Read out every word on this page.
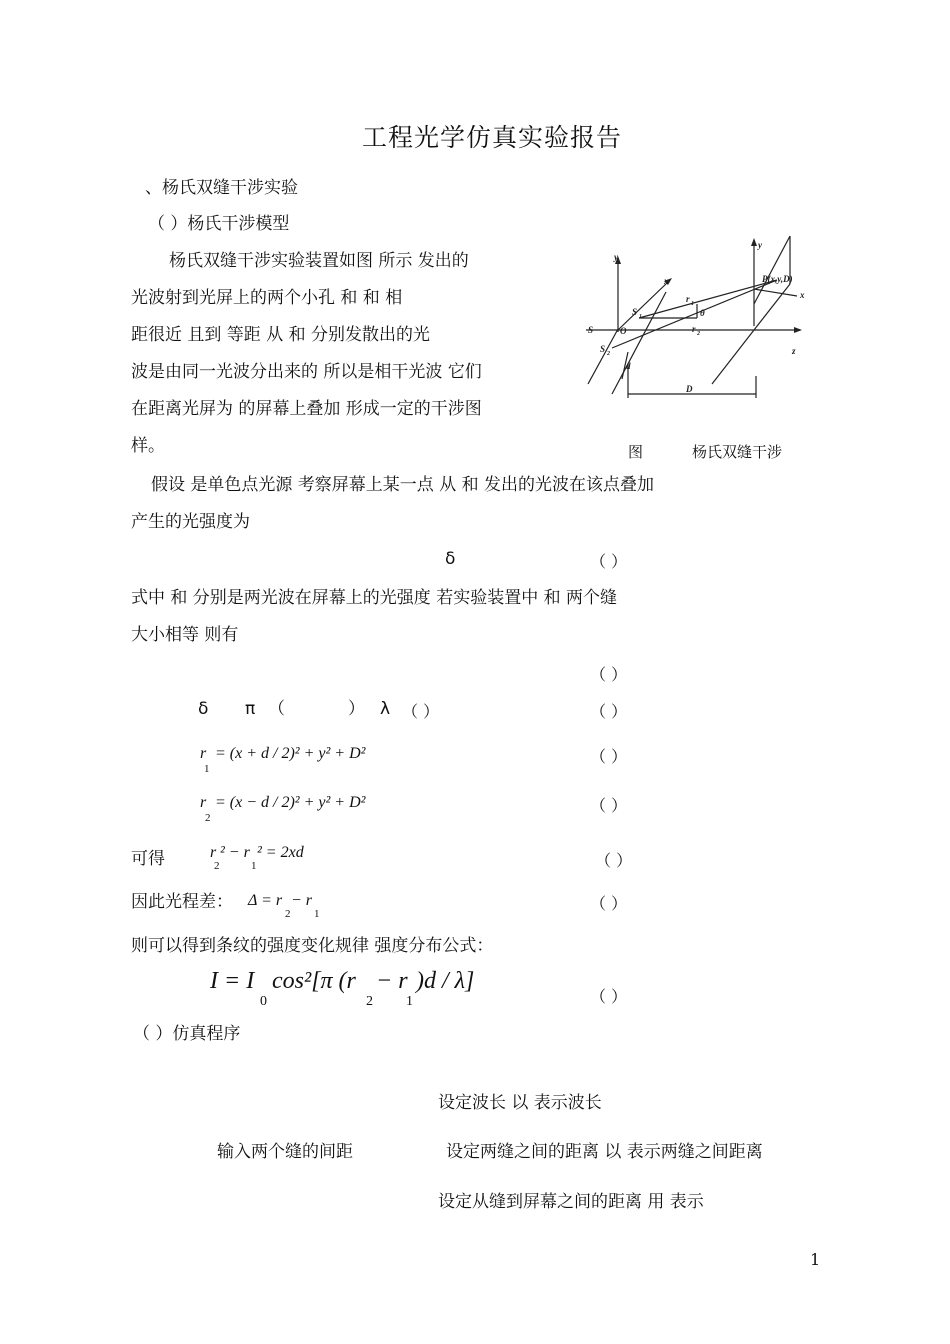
工程光学仿真实验报告
、杨氏双缝干涉实验
（ ）杨氏干涉模型
杨氏双缝干涉实验装置如图 所示 发出的
光波射到光屏上的两个小孔 和 和 相
距很近 且到 等距 从 和 分别发散出的光
波是由同一光波分出来的 所以是相干光波 它们
在距离光屏为 的屏幕上叠加 形成一定的干涉图
样。
y
y
x
x
z
S	O
S
S
r
r
θ
d
D
P(x,y,D)
1
2
1
2
图	杨氏双缝干涉
假设 是单色点光源 考察屏幕上某一点 从 和 发出的光波在该点叠加
产生的光强度为
δ	（ ）
式中 和 分别是两光波在屏幕上的光强度 若实验装置中 和 两个缝
大小相等 则有
（ ）
δ π （	） λ （ ）	（ ）
r
1
= (x + d / 2)² + y² + D²	（ ）
r
2
= (x − d / 2)² + y² + D²	（ ）
可得	r
2
² − r
1
² = 2xd	（ ）
因此光程差： Δ = r
2
− r
1
（ ）
则可以得到条纹的强度变化规律 强度分布公式：
I = I
0
cos²[π (r
2
− r
1
)d / λ]
（ ）
（ ）仿真程序
设定波长 以 表示波长
输入两个缝的间距	设定两缝之间的距离 以 表示两缝之间距离
设定从缝到屏幕之间的距离 用 表示
1
